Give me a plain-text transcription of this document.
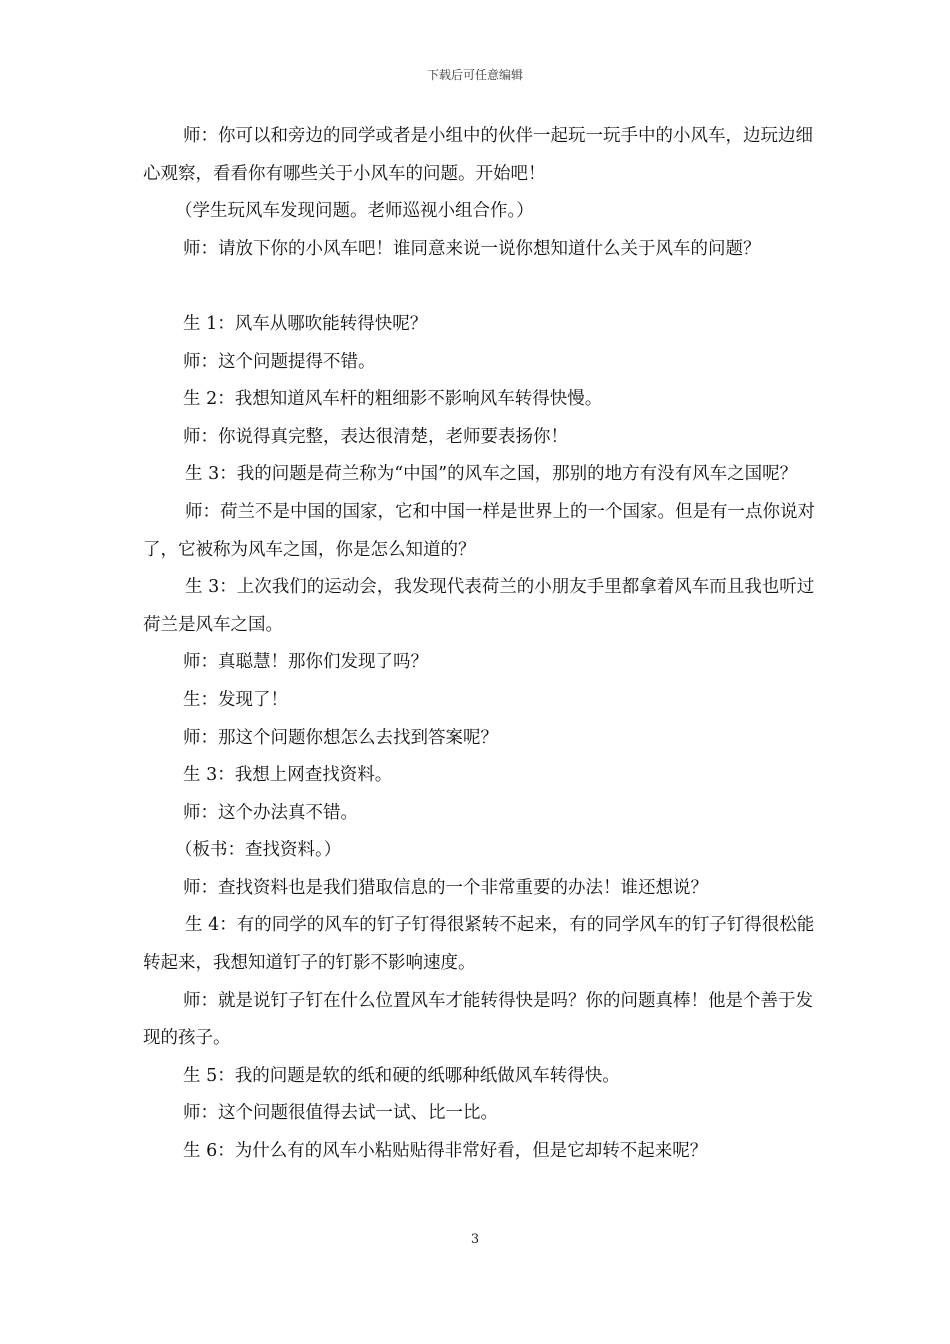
下载后可任意编辑

师：你可以和旁边的同学或者是小组中的伙伴一起玩一玩手中的小风车，边玩边细心观察，看看你有哪些关于小风车的问题。开始吧！

（学生玩风车发现问题。老师巡视小组合作。）

师：请放下你的小风车吧！谁同意来说一说你想知道什么关于风车的问题？

生 1：风车从哪吹能转得快呢？

师：这个问题提得不错。

生 2：我想知道风车杆的粗细影不影响风车转得快慢。

师：你说得真完整，表达很清楚，老师要表扬你！

生 3：我的问题是荷兰称为“中国”的风车之国，那别的地方有没有风车之国呢？

师：荷兰不是中国的国家，它和中国一样是世界上的一个国家。但是有一点你说对了，它被称为风车之国，你是怎么知道的？

生 3：上次我们的运动会，我发现代表荷兰的小朋友手里都拿着风车而且我也听过荷兰是风车之国。

师：真聪慧！那你们发现了吗？

生：发现了！

师：那这个问题你想怎么去找到答案呢？

生 3：我想上网查找资料。

师：这个办法真不错。

（板书：查找资料。）

师：查找资料也是我们猎取信息的一个非常重要的办法！谁还想说？

生 4：有的同学的风车的钉子钉得很紧转不起来，有的同学风车的钉子钉得很松能转起来，我想知道钉子的钉影不影响速度。

师：就是说钉子钉在什么位置风车才能转得快是吗？你的问题真棒！他是个善于发现的孩子。

生 5：我的问题是软的纸和硬的纸哪种纸做风车转得快。

师：这个问题很值得去试一试、比一比。

生 6：为什么有的风车小粘贴贴得非常好看，但是它却转不起来呢？

3
